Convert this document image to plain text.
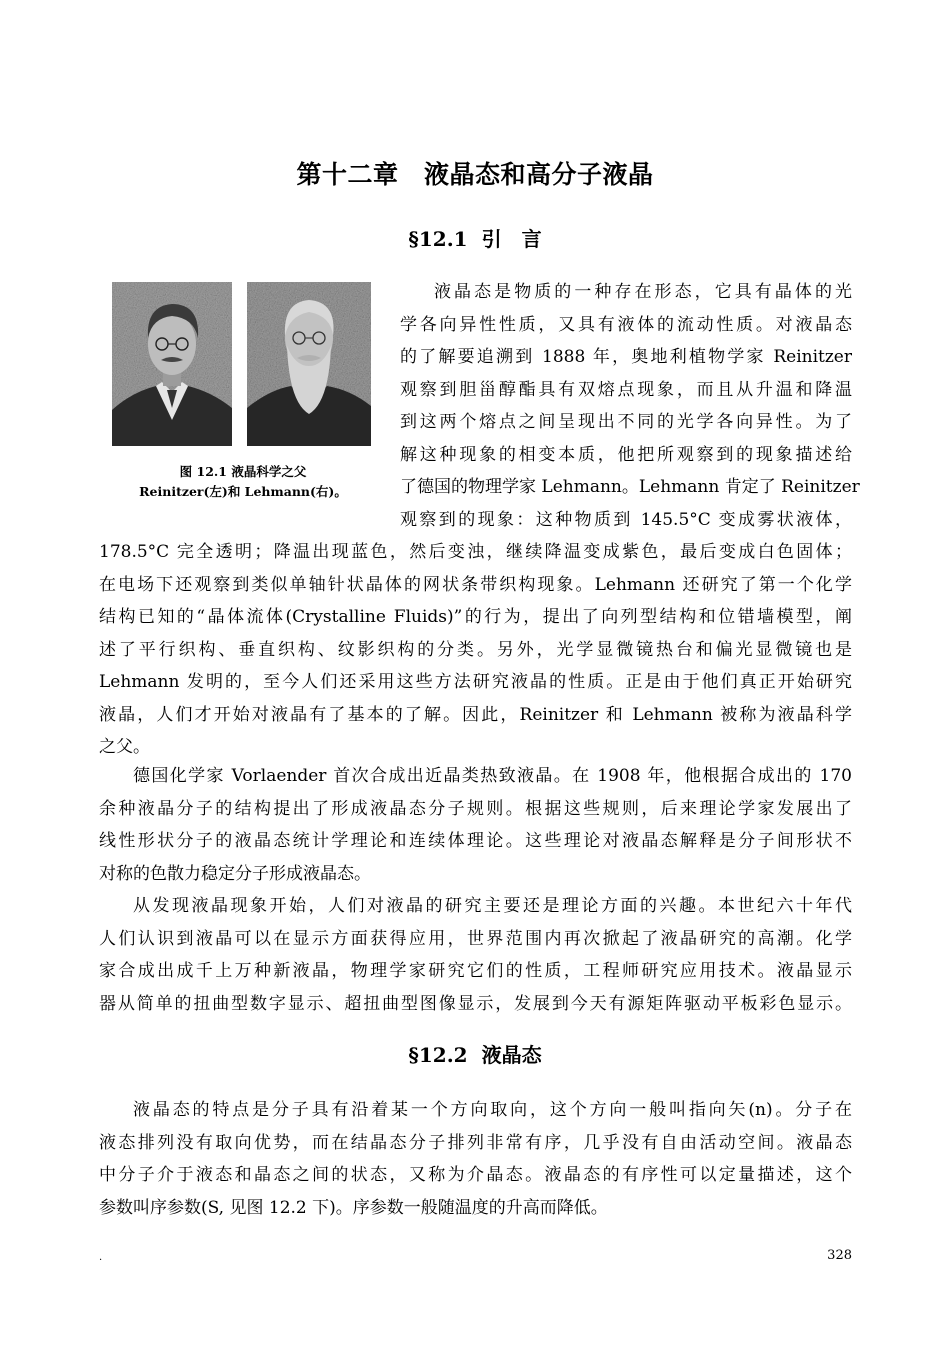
第十二章　液晶态和高分子液晶
§12.1 引　言
图 12.1 液晶科学之父
Reinitzer(左)和 Lehmann(右)。
液晶态是物质的一种存在形态，它具有晶体的光
学各向异性性质，又具有液体的流动性质。对液晶态
的了解要追溯到 1888 年，奥地利植物学家 Reinitzer
观察到胆甾醇酯具有双熔点现象，而且从升温和降温
到这两个熔点之间呈现出不同的光学各向异性。为了
解这种现象的相变本质，他把所观察到的现象描述给
了德国的物理学家 Lehmann。Lehmann 肯定了 Reinitzer
观察到的现象：这种物质到 145.5°C 变成雾状液体，
178.5°C 完全透明；降温出现蓝色，然后变浊，继续降温变成紫色，最后变成白色固体；
在电场下还观察到类似单轴针状晶体的网状条带织构现象。Lehmann 还研究了第一个化学
结构已知的“晶体流体(Crystalline Fluids)”的行为，提出了向列型结构和位错墙模型，阐
述了平行织构、垂直织构、纹影织构的分类。另外，光学显微镜热台和偏光显微镜也是
Lehmann 发明的，至今人们还采用这些方法研究液晶的性质。正是由于他们真正开始研究
液晶，人们才开始对液晶有了基本的了解。因此，Reinitzer 和 Lehmann 被称为液晶科学
之父。
德国化学家 Vorlaender 首次合成出近晶类热致液晶。在 1908 年，他根据合成出的 170
余种液晶分子的结构提出了形成液晶态分子规则。根据这些规则，后来理论学家发展出了
线性形状分子的液晶态统计学理论和连续体理论。这些理论对液晶态解释是分子间形状不
对称的色散力稳定分子形成液晶态。
从发现液晶现象开始，人们对液晶的研究主要还是理论方面的兴趣。本世纪六十年代
人们认识到液晶可以在显示方面获得应用，世界范围内再次掀起了液晶研究的高潮。化学
家合成出成千上万种新液晶，物理学家研究它们的性质，工程师研究应用技术。液晶显示
器从简单的扭曲型数字显示、超扭曲型图像显示，发展到今天有源矩阵驱动平板彩色显示。
§12.2 液晶态
液晶态的特点是分子具有沿着某一个方向取向，这个方向一般叫指向矢(n)。分子在
液态排列没有取向优势，而在结晶态分子排列非常有序，几乎没有自由活动空间。液晶态
中分子介于液态和晶态之间的状态，又称为介晶态。液晶态的有序性可以定量描述，这个
参数叫序参数(S, 见图 12.2 下)。序参数一般随温度的升高而降低。
.	328
